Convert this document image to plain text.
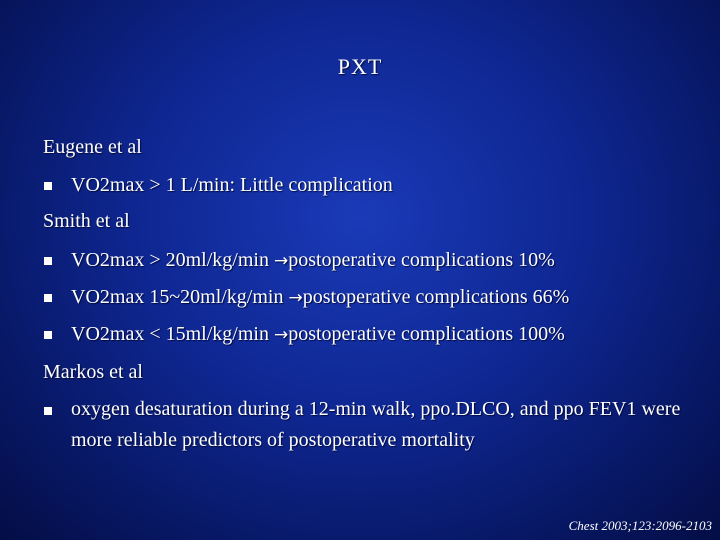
PXT
Eugene et al
VO2max > 1 L/min: Little complication
Smith et al
VO2max > 20ml/kg/min →postoperative complications 10%
VO2max 15~20ml/kg/min →postoperative complications 66%
VO2max < 15ml/kg/min →postoperative complications 100%
Markos et al
oxygen desaturation during a 12-min walk, ppo.DLCO, and ppo FEV1 were more reliable predictors of postoperative mortality
Chest 2003;123:2096-2103
